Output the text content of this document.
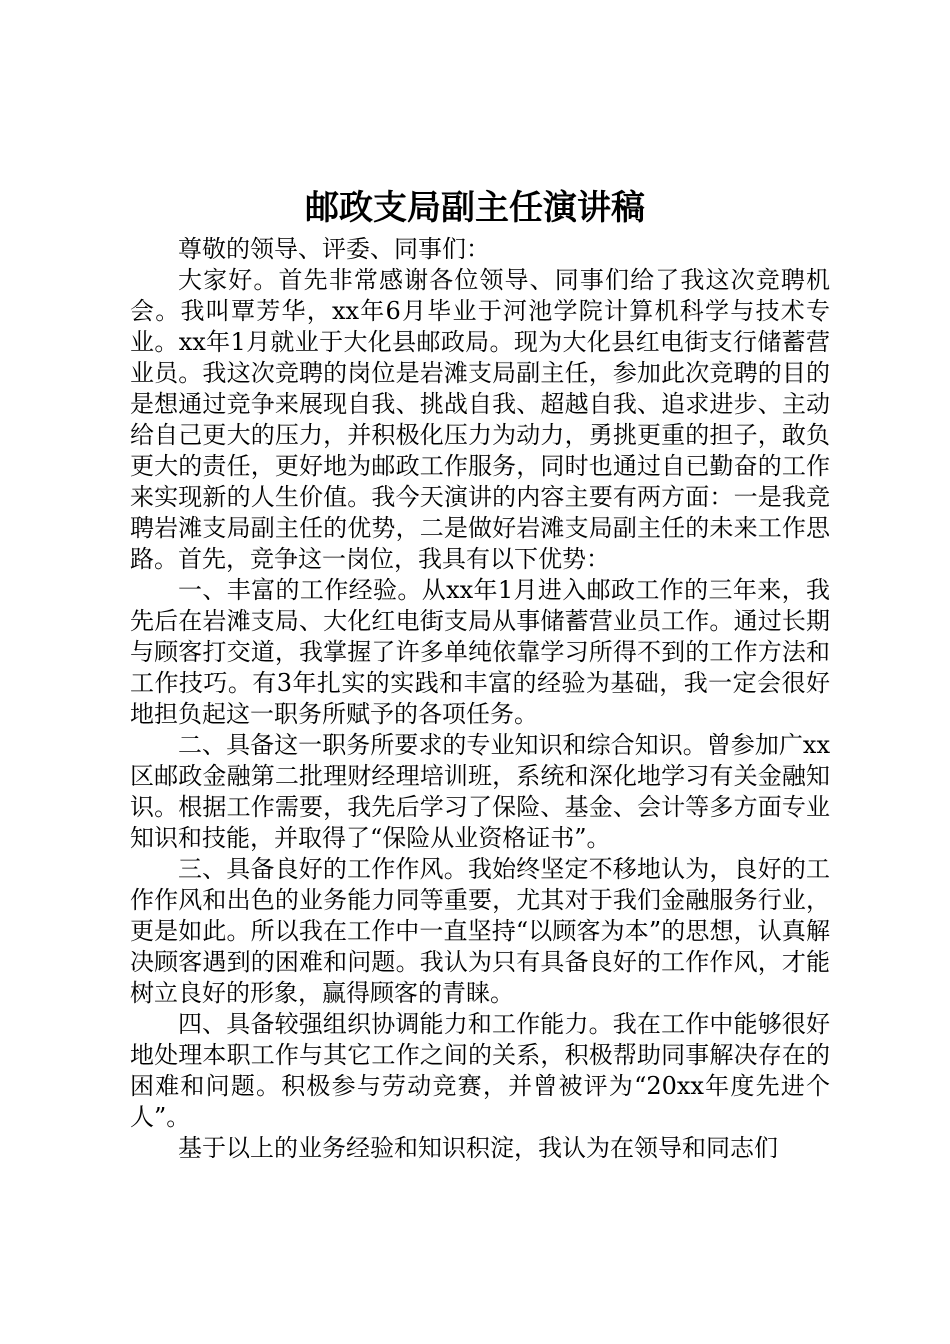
邮政支局副主任演讲稿

尊敬的领导、评委、同事们：

大家好。首先非常感谢各位领导、同事们给了我这次竞聘机会。我叫覃芳华，xx年6月毕业于河池学院计算机科学与技术专业。xx年1月就业于大化县邮政局。现为大化县红电街支行储蓄营业员。我这次竞聘的岗位是岩滩支局副主任，参加此次竞聘的目的是想通过竞争来展现自我、挑战自我、超越自我、追求进步、主动给自己更大的压力，并积极化压力为动力，勇挑更重的担子，敢负更大的责任，更好地为邮政工作服务，同时也通过自已勤奋的工作来实现新的人生价值。我今天演讲的内容主要有两方面：一是我竞聘岩滩支局副主任的优势，二是做好岩滩支局副主任的未来工作思路。首先，竞争这一岗位，我具有以下优势：

一、丰富的工作经验。从xx年1月进入邮政工作的三年来，我先后在岩滩支局、大化红电街支局从事储蓄营业员工作。通过长期与顾客打交道，我掌握了许多单纯依靠学习所得不到的工作方法和工作技巧。有3年扎实的实践和丰富的经验为基础，我一定会很好地担负起这一职务所赋予的各项任务。

二、具备这一职务所要求的专业知识和综合知识。曾参加广xx区邮政金融第二批理财经理培训班，系统和深化地学习有关金融知识。根据工作需要，我先后学习了保险、基金、会计等多方面专业知识和技能，并取得了“保险从业资格证书”。

三、具备良好的工作作风。我始终坚定不移地认为，良好的工作作风和出色的业务能力同等重要，尤其对于我们金融服务行业，更是如此。所以我在工作中一直坚持“以顾客为本”的思想，认真解决顾客遇到的困难和问题。我认为只有具备良好的工作作风，才能树立良好的形象，赢得顾客的青睐。

四、具备较强组织协调能力和工作能力。我在工作中能够很好地处理本职工作与其它工作之间的关系，积极帮助同事解决存在的困难和问题。积极参与劳动竞赛，并曾被评为“20xx年度先进个人”。

基于以上的业务经验和知识积淀，我认为在领导和同志们
